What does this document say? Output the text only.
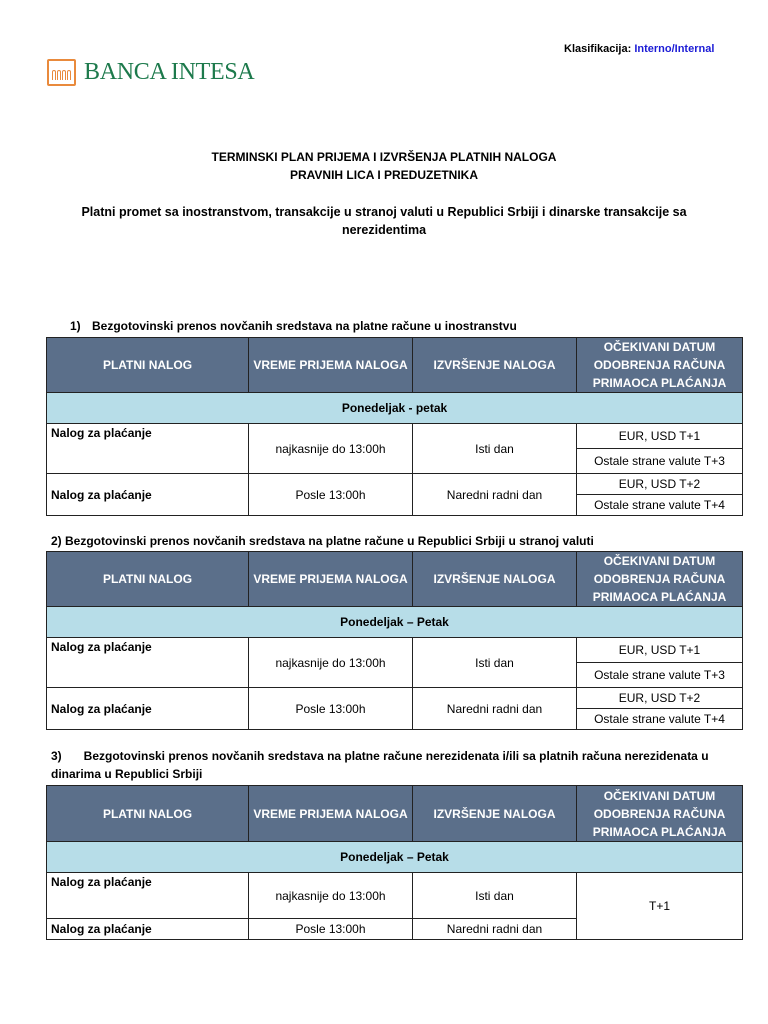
Klasifikacija: Interno/Internal
BANCA INTESA
TERMINSKI PLAN PRIJEMA I IZVRŠENJA PLATNIH NALOGA
PRAVNIH LICA I PREDUZETNIKA
Platni promet sa inostranstvom, transakcije u stranoj valuti u Republici Srbiji i dinarske transakcije sa nerezidentima
1) Bezgotovinski prenos novčanih sredstava na platne račune u inostranstvu
PLATNI NALOG	VREME PRIJEMA NALOGA	IZVRŠENJE NALOGA	OČEKIVANI DATUM ODOBRENJA RAČUNA PRIMAOCA PLAĆANJA
Ponedeljak - petak			
Nalog za plaćanje	najkasnije do 13:00h	Isti dan	EUR, USD T+1
			Ostale strane valute T+3
Nalog za plaćanje	Posle 13:00h	Naredni radni dan	EUR, USD T+2
			Ostale strane valute T+4
2) Bezgotovinski prenos novčanih sredstava na platne račune u Republici Srbiji u stranoj valuti
PLATNI NALOG	VREME PRIJEMA NALOGA	IZVRŠENJE NALOGA	OČEKIVANI DATUM ODOBRENJA RAČUNA PRIMAOCA PLAĆANJA
Ponedeljak – Petak			
Nalog za plaćanje	najkasnije do 13:00h	Isti dan	EUR, USD T+1
			Ostale strane valute T+3
Nalog za plaćanje	Posle 13:00h	Naredni radni dan	EUR, USD T+2
			Ostale strane valute T+4
3) Bezgotovinski prenos novčanih sredstava na platne račune nerezidenata i/ili sa platnih računa nerezidenata u dinarima u Republici Srbiji
PLATNI NALOG	VREME PRIJEMA NALOGA	IZVRŠENJE NALOGA	OČEKIVANI DATUM ODOBRENJA RAČUNA PRIMAOCA PLAĆANJA
Ponedeljak – Petak			
Nalog za plaćanje	najkasnije do 13:00h	Isti dan	T+1
Nalog za plaćanje	Posle 13:00h	Naredni radni dan	
